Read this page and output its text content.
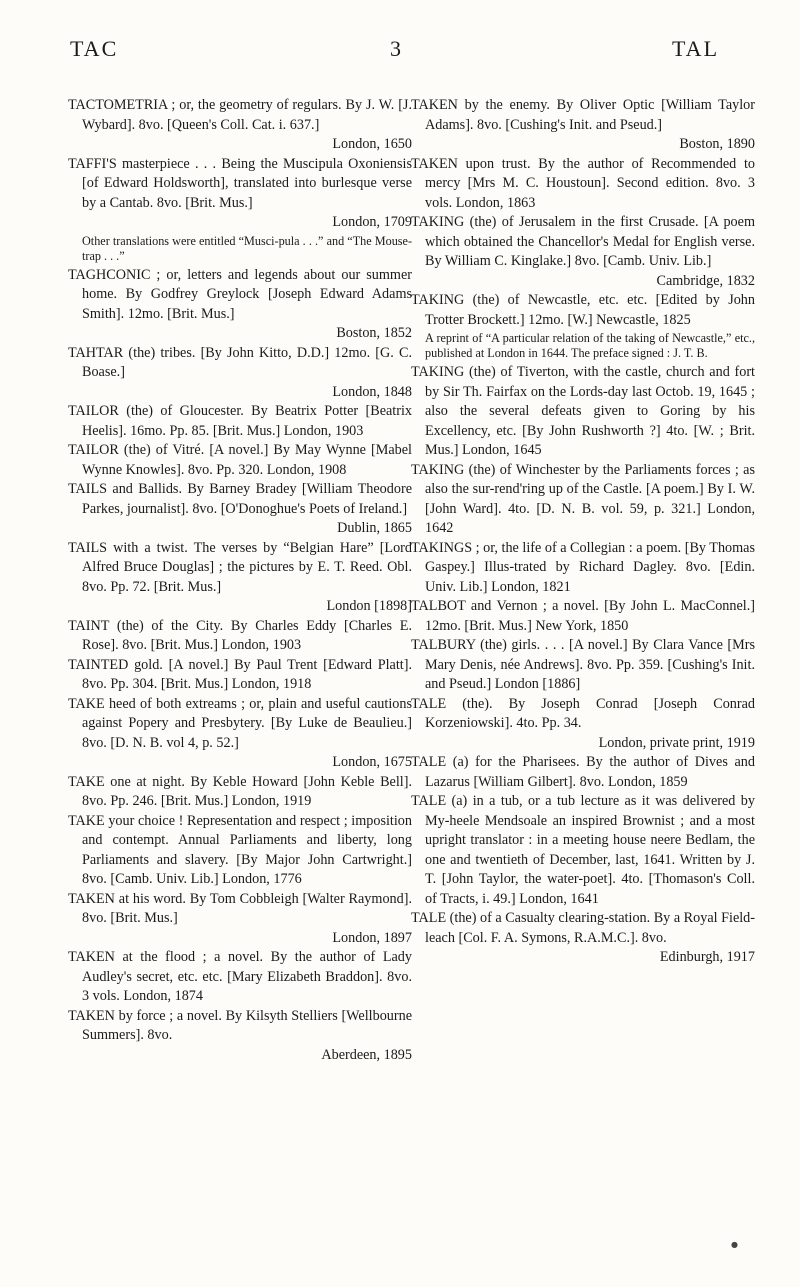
TAC	3	TAL

TACTOMETRIA ; or, the geometry of regulars. By J. W. [J. Wybard]. 8vo. [Queen's Coll. Cat. i. 637.]

London, 1650

TAFFI'S masterpiece . . . Being the Muscipula Oxoniensis [of Edward Holdsworth], translated into burlesque verse by a Cantab. 8vo. [Brit. Mus.]

London, 1709
Other translations were entitled “Musci-pula . . .” and “The Mouse-trap . . .”

TAGHCONIC ; or, letters and legends about our summer home. By Godfrey Greylock [Joseph Edward Adams Smith]. 12mo. [Brit. Mus.]

Boston, 1852

TAHTAR (the) tribes. [By John Kitto, D.D.] 12mo. [G. C. Boase.]

London, 1848

TAILOR (the) of Gloucester. By Beatrix Potter [Beatrix Heelis]. 16mo. Pp. 85. [Brit. Mus.] London, 1903

TAILOR (the) of Vitré. [A novel.] By May Wynne [Mabel Wynne Knowles]. 8vo. Pp. 320. London, 1908

TAILS and Ballids. By Barney Bradey [William Theodore Parkes, journalist]. 8vo. [O'Donoghue's Poets of Ireland.]

Dublin, 1865

TAILS with a twist. The verses by “Belgian Hare” [Lord Alfred Bruce Douglas] ; the pictures by E. T. Reed. Obl. 8vo. Pp. 72. [Brit. Mus.]

London [1898]

TAINT (the) of the City. By Charles Eddy [Charles E. Rose]. 8vo. [Brit. Mus.] London, 1903

TAINTED gold. [A novel.] By Paul Trent [Edward Platt]. 8vo. Pp. 304. [Brit. Mus.] London, 1918

TAKE heed of both extreams ; or, plain and useful cautions against Popery and Presbytery. [By Luke de Beaulieu.] 8vo. [D. N. B. vol 4, p. 52.]

London, 1675

TAKE one at night. By Keble Howard [John Keble Bell]. 8vo. Pp. 246. [Brit. Mus.] London, 1919

TAKE your choice ! Representation and respect ; imposition and contempt. Annual Parliaments and liberty, long Parliaments and slavery. [By Major John Cartwright.] 8vo. [Camb. Univ. Lib.] London, 1776

TAKEN at his word. By Tom Cobbleigh [Walter Raymond]. 8vo. [Brit. Mus.]

London, 1897

TAKEN at the flood ; a novel. By the author of Lady Audley's secret, etc. etc. [Mary Elizabeth Braddon]. 8vo. 3 vols. London, 1874

TAKEN by force ; a novel. By Kilsyth Stelliers [Wellbourne Summers]. 8vo.

Aberdeen, 1895

TAKEN by the enemy. By Oliver Optic [William Taylor Adams]. 8vo. [Cushing's Init. and Pseud.]

Boston, 1890

TAKEN upon trust. By the author of Recommended to mercy [Mrs M. C. Houstoun]. Second edition. 8vo. 3 vols. London, 1863

TAKING (the) of Jerusalem in the first Crusade. [A poem which obtained the Chancellor's Medal for English verse. By William C. Kinglake.] 8vo. [Camb. Univ. Lib.]

Cambridge, 1832

TAKING (the) of Newcastle, etc. etc. [Edited by John Trotter Brockett.] 12mo. [W.] Newcastle, 1825

A reprint of “A particular relation of the taking of Newcastle,” etc., published at London in 1644. The preface signed : J. T. B.

TAKING (the) of Tiverton, with the castle, church and fort by Sir Th. Fairfax on the Lords-day last Octob. 19, 1645 ; also the several defeats given to Goring by his Excellency, etc. [By John Rushworth ?] 4to. [W. ; Brit. Mus.] London, 1645

TAKING (the) of Winchester by the Parliaments forces ; as also the sur-rend'ring up of the Castle. [A poem.] By I. W. [John Ward]. 4to. [D. N. B. vol. 59, p. 321.] London, 1642

TAKINGS ; or, the life of a Collegian : a poem. [By Thomas Gaspey.] Illus-trated by Richard Dagley. 8vo. [Edin. Univ. Lib.] London, 1821

TALBOT and Vernon ; a novel. [By John L. MacConnel.] 12mo. [Brit. Mus.] New York, 1850

TALBURY (the) girls. . . . [A novel.] By Clara Vance [Mrs Mary Denis, née Andrews]. 8vo. Pp. 359. [Cushing's Init. and Pseud.] London [1886]

TALE (the). By Joseph Conrad [Joseph Conrad Korzeniowski]. 4to. Pp. 34.

London, private print, 1919

TALE (a) for the Pharisees. By the author of Dives and Lazarus [William Gilbert]. 8vo. London, 1859

TALE (a) in a tub, or a tub lecture as it was delivered by My-heele Mendsoale an inspired Brownist ; and a most upright translator : in a meeting house neere Bedlam, the one and twentieth of December, last, 1641. Written by J. T. [John Taylor, the water-poet]. 4to. [Thomason's Coll. of Tracts, i. 49.] London, 1641

TALE (the) of a Casualty clearing-station. By a Royal Field-leach [Col. F. A. Symons, R.A.M.C.]. 8vo.

Edinburgh, 1917
●
